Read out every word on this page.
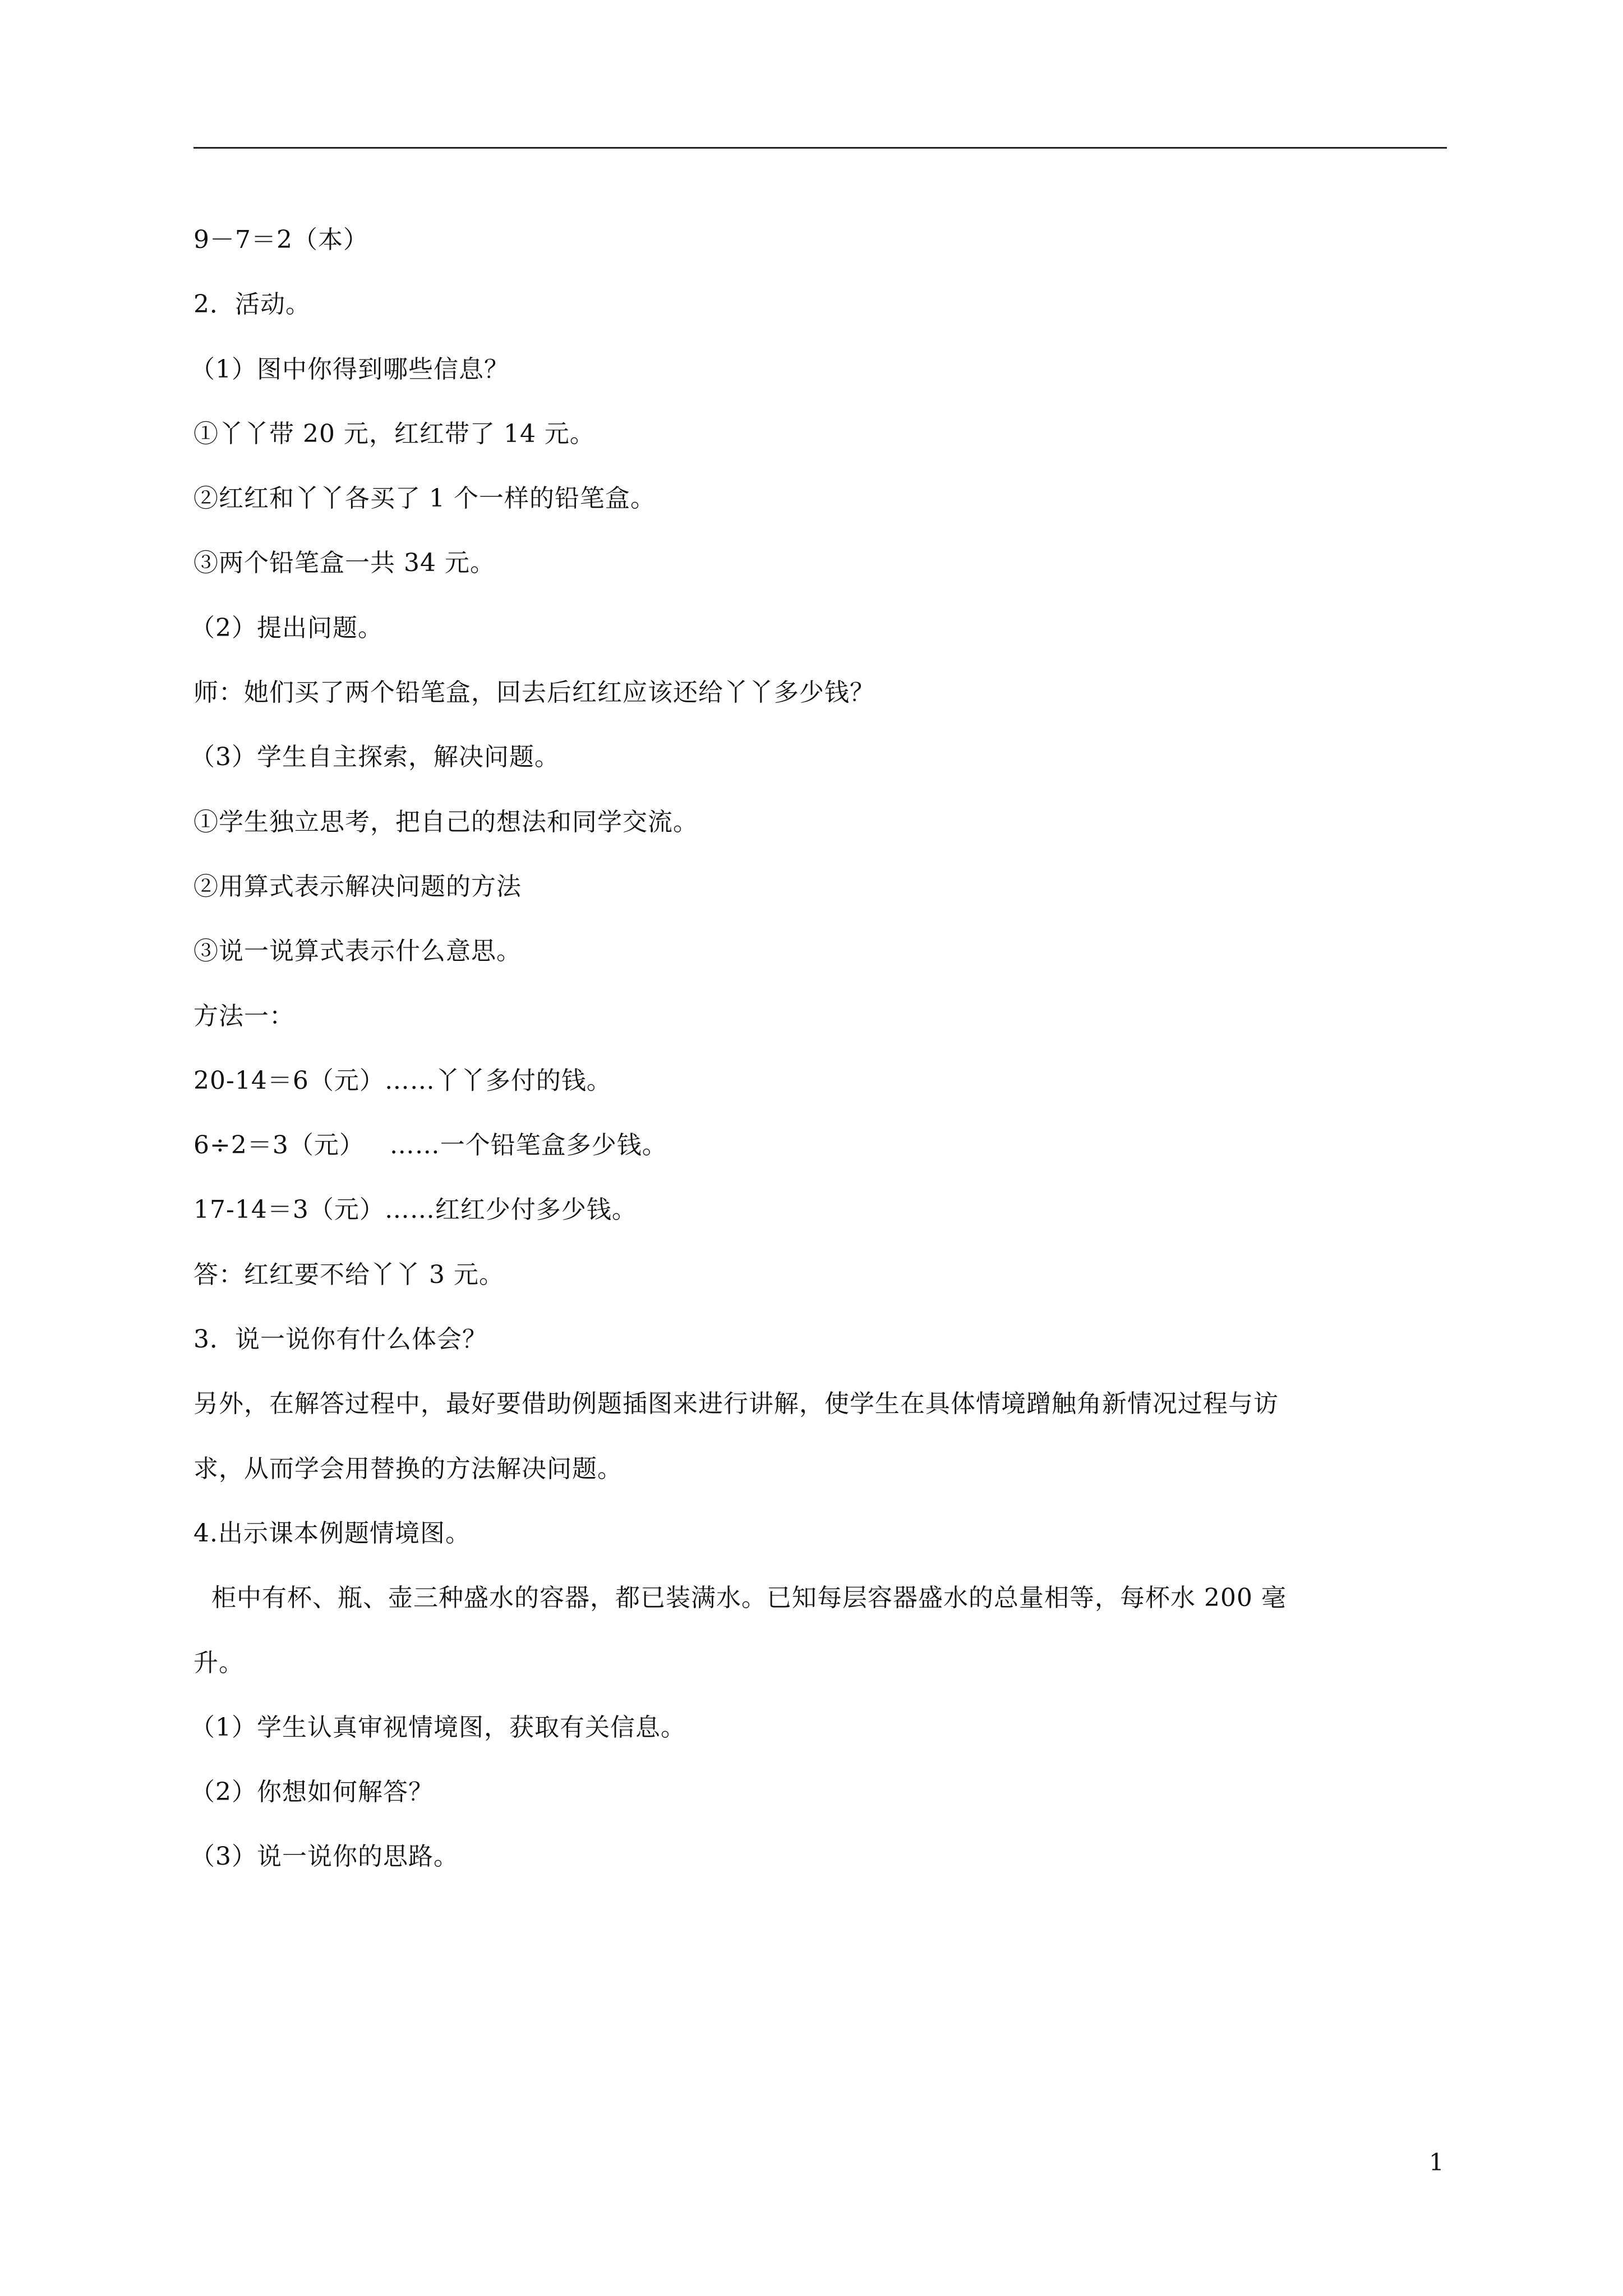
9－7＝2（本）
2．活动。
（1）图中你得到哪些信息？
①丫丫带 20 元，红红带了 14 元。
②红红和丫丫各买了 1 个一样的铅笔盒。
③两个铅笔盒一共 34 元。
（2）提出问题。
师：她们买了两个铅笔盒，回去后红红应该还给丫丫多少钱？
（3）学生自主探索，解决问题。
①学生独立思考，把自己的想法和同学交流。
②用算式表示解决问题的方法
③说一说算式表示什么意思。
方法一：
20-14＝6（元）……丫丫多付的钱。
6÷2＝3（元）   ……一个铅笔盒多少钱。
17-14＝3（元）……红红少付多少钱。
答：红红要不给丫丫 3 元。
3．说一说你有什么体会？
另外，在解答过程中，最好要借助例题插图来进行讲解，使学生在具体情境蹭触角新情况过程与访
求，从而学会用替换的方法解决问题。
4.出示课本例题情境图。
柜中有杯、瓶、壶三种盛水的容器，都已装满水。已知每层容器盛水的总量相等，每杯水 200 毫
升。
（1）学生认真审视情境图，获取有关信息。
（2）你想如何解答？
（3）说一说你的思路。
1
